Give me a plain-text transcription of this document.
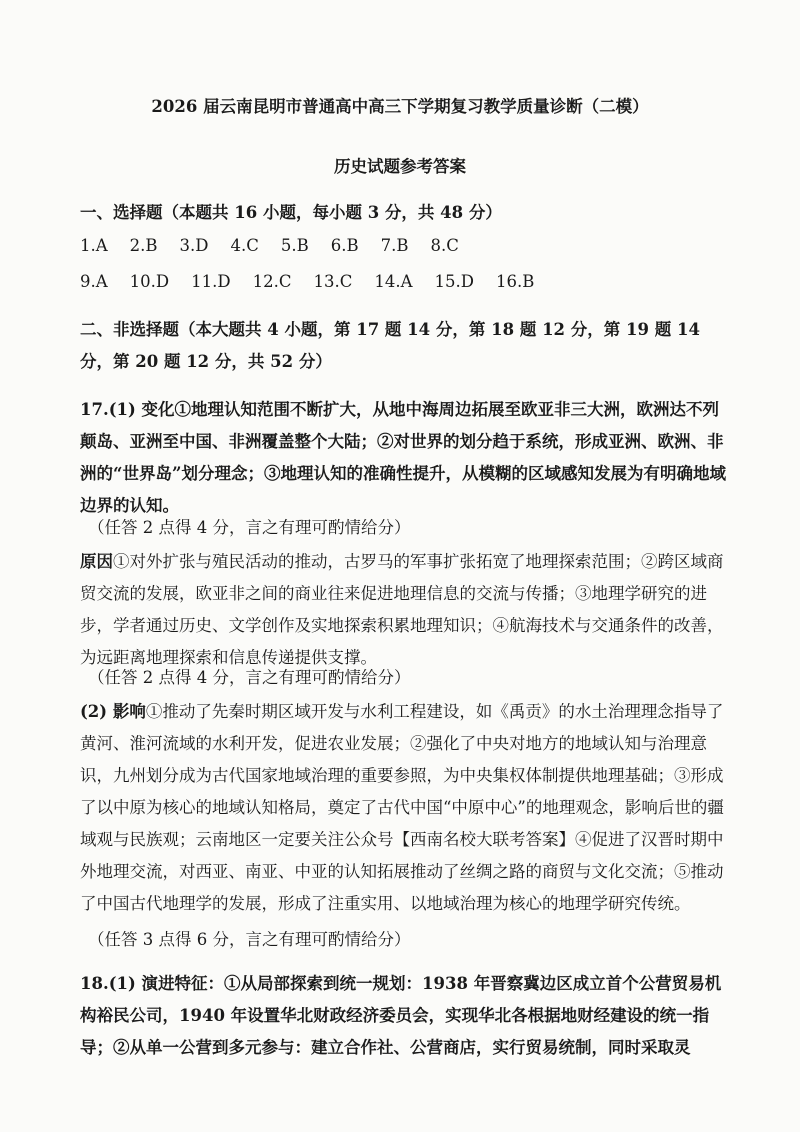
2026 届云南昆明市普通高中高三下学期复习教学质量诊断（二模）
历史试题参考答案
一、选择题（本题共 16 小题，每小题 3 分，共 48 分）
1.A 2.B 3.D 4.C 5.B 6.B 7.B 8.C
9.A 10.D 11.D 12.C 13.C 14.A 15.D 16.B
二、非选择题（本大题共 4 小题，第 17 题 14 分，第 18 题 12 分，第 19 题 14 分，第 20 题 12 分，共 52 分）
17.(1) 变化①地理认知范围不断扩大，从地中海周边拓展至欧亚非三大洲，欧洲达不列颠岛、亚洲至中国、非洲覆盖整个大陆；②对世界的划分趋于系统，形成亚洲、欧洲、非洲的“世界岛”划分理念；③地理认知的准确性提升，从模糊的区域感知发展为有明确地域边界的认知。
（任答 2 点得 4 分，言之有理可酌情给分）
原因①对外扩张与殖民活动的推动，古罗马的军事扩张拓宽了地理探索范围；②跨区域商贸交流的发展，欧亚非之间的商业往来促进地理信息的交流与传播；③地理学研究的进步，学者通过历史、文学创作及实地探索积累地理知识；④航海技术与交通条件的改善，为远距离地理探索和信息传递提供支撑。
（任答 2 点得 4 分，言之有理可酌情给分）
(2) 影响①推动了先秦时期区域开发与水利工程建设，如《禹贡》的水土治理理念指导了黄河、淮河流域的水利开发，促进农业发展；②强化了中央对地方的地域认知与治理意识，九州划分成为古代国家地域治理的重要参照，为中央集权体制提供地理基础；③形成了以中原为核心的地域认知格局，奠定了古代中国“中原中心”的地理观念，影响后世的疆域观与民族观；云南地区一定要关注公众号【西南名校大联考答案】④促进了汉晋时期中外地理交流，对西亚、南亚、中亚的认知拓展推动了丝绸之路的商贸与文化交流；⑤推动了中国古代地理学的发展，形成了注重实用、以地域治理为核心的地理学研究传统。
（任答 3 点得 6 分，言之有理可酌情给分）
18.(1) 演进特征：①从局部探索到统一规划：1938 年晋察冀边区成立首个公营贸易机构裕民公司，1940 年设置华北财政经济委员会，实现华北各根据地财经建设的统一指导；②从单一公营到多元参与：建立合作社、公营商店，实行贸易统制，同时采取灵
